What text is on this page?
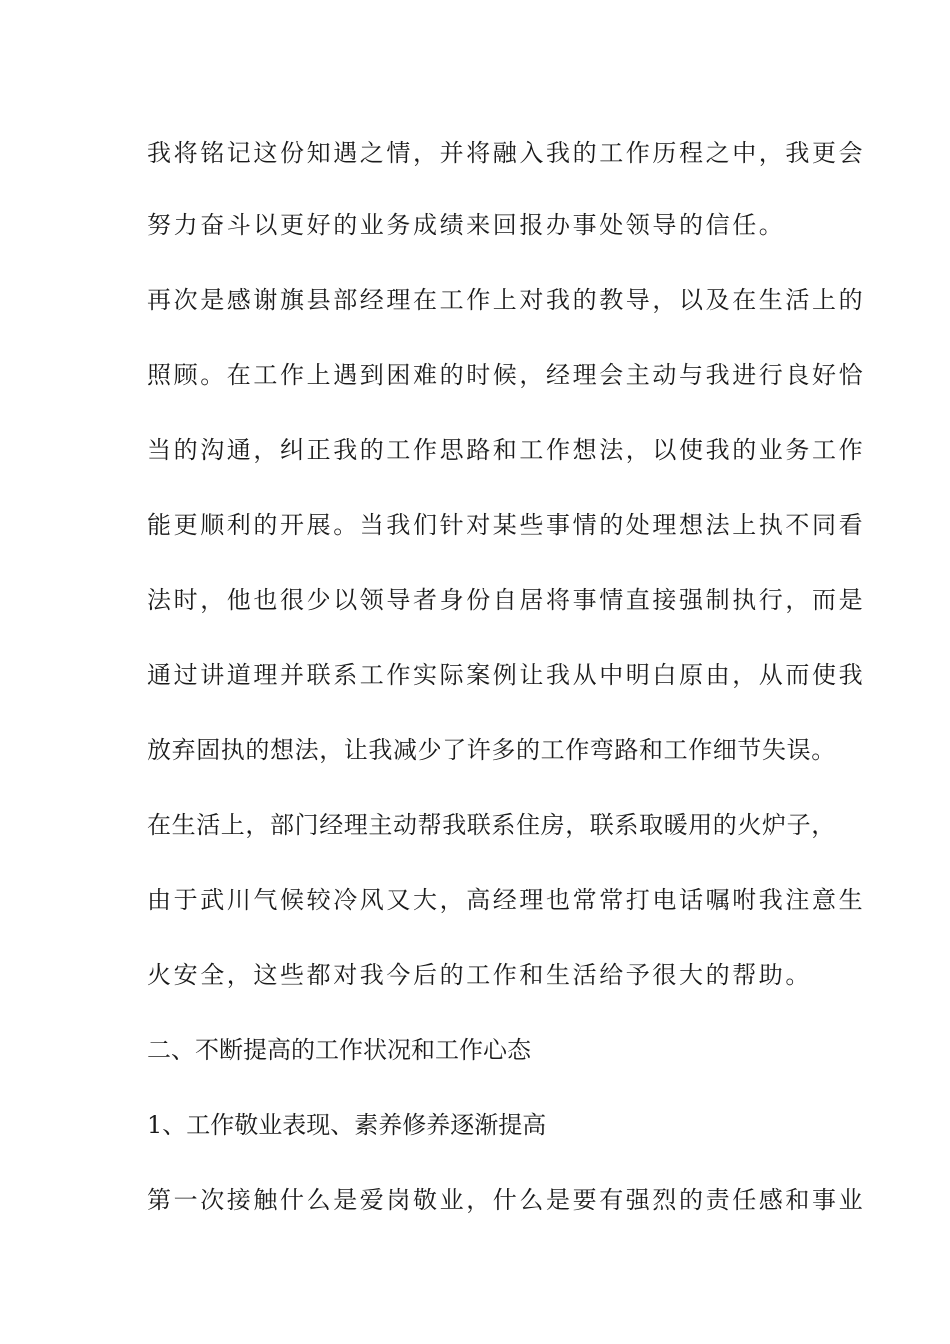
我将铭记这份知遇之情，并将融入我的工作历程之中，我更会
努力奋斗以更好的业务成绩来回报办事处领导的信任。
再次是感谢旗县部经理在工作上对我的教导，以及在生活上的
照顾。在工作上遇到困难的时候，经理会主动与我进行良好恰
当的沟通，纠正我的工作思路和工作想法，以使我的业务工作
能更顺利的开展。当我们针对某些事情的处理想法上执不同看
法时，他也很少以领导者身份自居将事情直接强制执行，而是
通过讲道理并联系工作实际案例让我从中明白原由，从而使我
放弃固执的想法，让我减少了许多的工作弯路和工作细节失误。
在生活上，部门经理主动帮我联系住房，联系取暖用的火炉子，
由于武川气候较冷风又大，高经理也常常打电话嘱咐我注意生
火安全，这些都对我今后的工作和生活给予很大的帮助。
二、不断提高的工作状况和工作心态
1、工作敬业表现、素养修养逐渐提高
第一次接触什么是爱岗敬业，什么是要有强烈的责任感和事业
